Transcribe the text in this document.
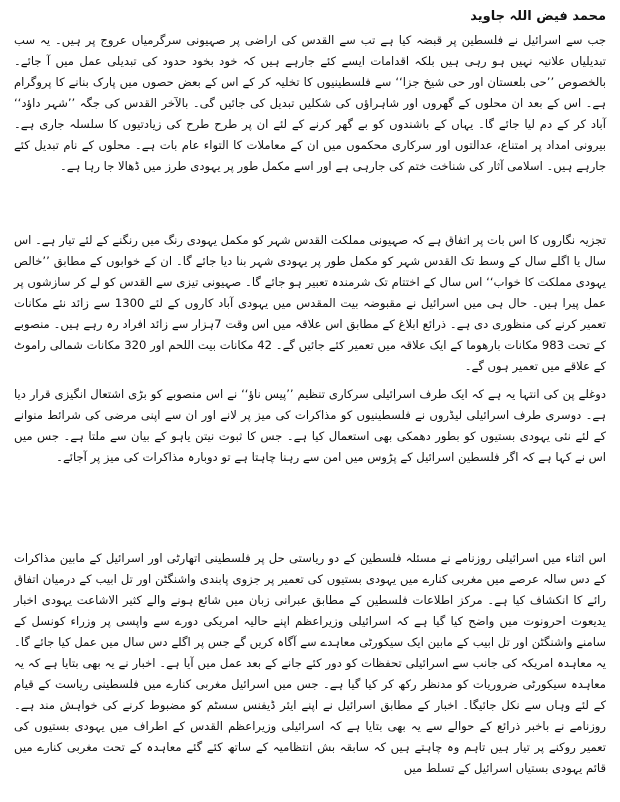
محمد فیض اللہ جاوید

جب سے اسرائیل نے فلسطین پر قبضہ کیا ہے تب سے القدس کی اراضی پر صہیونی سرگرمیاں عروج پر ہیں۔ یہ سب تبدیلیاں علانیہ نہیں ہو رہی ہیں بلکہ اقدامات ایسے کئے جارہے ہیں کہ خود بخود حدود کی تبدیلی عمل میں آ جائے۔ بالخصوص ’’حی بلعستان اور حی شیخ جزا‘‘ سے فلسطینیوں کا تخلیہ کر کے اس کے بعض حصوں میں پارک بنانے کا پروگرام ہے۔ اس کے بعد ان محلوں کے گھروں اور شاہراؤں کی شکلیں تبدیل کی جائیں گی۔ بالآخر القدس کی جگہ ’’شہر داؤد‘‘ آباد کر کے دم لیا جائے گا۔ یہاں کے باشندوں کو بے گھر کرنے کے لئے ان پر طرح طرح کی زیادتیوں کا سلسلہ جاری ہے۔ بیرونی امداد پر امتناع، عدالتوں اور سرکاری محکموں میں ان کے معاملات کا التواء عام بات ہے۔ محلوں کے نام تبدیل کئے جارہے ہیں۔ اسلامی آثار کی شناخت ختم کی جارہی ہے اور اسے مکمل طور پر یہودی طرز میں ڈھالا جا رہا ہے۔

تجزیہ نگاروں کا اس بات پر اتفاق ہے کہ صہیونی مملکت القدس شہر کو مکمل یہودی رنگ میں رنگنے کے لئے تیار ہے۔ اس سال یا اگلے سال کے وسط تک القدس شہر کو مکمل طور پر یہودی شہر بنا دیا جائے گا۔ ان کے خوابوں کے مطابق ’’خالص یہودی مملکت کا خواب‘‘ اس سال کے اختتام تک شرمندہ تعبیر ہو جائے گا۔ صہیونی تیزی سے القدس کو لے کر سازشوں پر عمل پیرا ہیں۔ حال ہی میں اسرائیل نے مقبوضہ بیت المقدس میں یہودی آباد کاروں کے لئے 1300 سے زائد نئے مکانات تعمیر کرنے کی منظوری دی ہے۔ ذرائع ابلاغ کے مطابق اس علاقہ میں اس وقت 7ہزار سے زائد افراد رہ رہے ہیں۔ منصوبے کے تحت 983 مکانات بارھوما کے ایک علاقہ میں تعمیر کئے جائیں گے۔ 42 مکانات بیت اللحم اور 320 مکانات شمالی راموٹ کے علاقے میں تعمیر ہوں گے۔

دوغلے پن کی انتہا یہ ہے کہ ایک طرف اسرائیلی سرکاری تنظیم ’’پیس ناؤ‘‘ نے اس منصوبے کو بڑی اشتعال انگیزی قرار دیا ہے۔ دوسری طرف اسرائیلی لیڈروں نے فلسطینیوں کو مذاکرات کی میز پر لانے اور ان سے اپنی مرضی کی شرائط منوانے کے لئے نئی یہودی بستیوں کو بطور دھمکی بھی استعمال کیا ہے۔ جس کا ثبوت نیتن یاہو کے بیان سے ملتا ہے۔ جس میں اس نے کہا ہے کہ اگر فلسطین اسرائیل کے پڑوس میں امن سے رہنا چاہتا ہے تو دوبارہ مذاکرات کی میز پر آجائے۔

اس اثناء میں اسرائیلی روزنامے نے مسئلہ فلسطین کے دو ریاستی حل پر فلسطینی اتھارٹی اور اسرائیل کے مابین مذاکرات کے دس سالہ عرصے میں مغربی کنارے میں یہودی بستیوں کی تعمیر پر جزوی پابندی واشنگٹن اور تل ابیب کے درمیان اتفاق رائے کا انکشاف کیا ہے۔ مرکز اطلاعات فلسطین کے مطابق عبرانی زبان میں شائع ہونے والے کثیر الاشاعت یہودی اخبار یدیعوت احرونوت میں واضح کیا گیا ہے کہ اسرائیلی وزیراعظم اپنے حالیہ امریکی دورے سے واپسی پر وزراء کونسل کے سامنے واشنگٹن اور تل ابیب کے مابین ایک سیکورٹی معاہدے سے آگاہ کریں گے جس پر اگلے دس سال میں عمل کیا جائے گا۔ یہ معاہدہ امریکہ کی جانب سے اسرائیلی تحفظات کو دور کئے جانے کے بعد عمل میں آیا ہے۔ اخبار نے یہ بھی بتایا ہے کہ یہ معاہدہ سیکورٹی ضروریات کو مدنظر رکھ کر کیا گیا ہے۔ جس میں اسرائیل مغربی کنارے میں فلسطینی ریاست کے قیام کے لئے وہاں سے نکل جائیگا۔ اخبار کے مطابق اسرائیل نے اپنے ایئر ڈیفنس سسٹم کو مضبوط کرنے کی خواہش مند ہے۔ روزنامے نے باخبر ذرائع کے حوالے سے یہ بھی بتایا ہے کہ اسرائیلی وزیراعظم القدس کے اطراف میں یہودی بستیوں کی تعمیر روکنے پر تیار ہیں تاہم وہ چاہتے ہیں کہ سابقہ بش انتظامیہ کے ساتھ کئے گئے معاہدہ کے تحت مغربی کنارے میں قائم یہودی بستیاں اسرائیل کے تسلط میں
